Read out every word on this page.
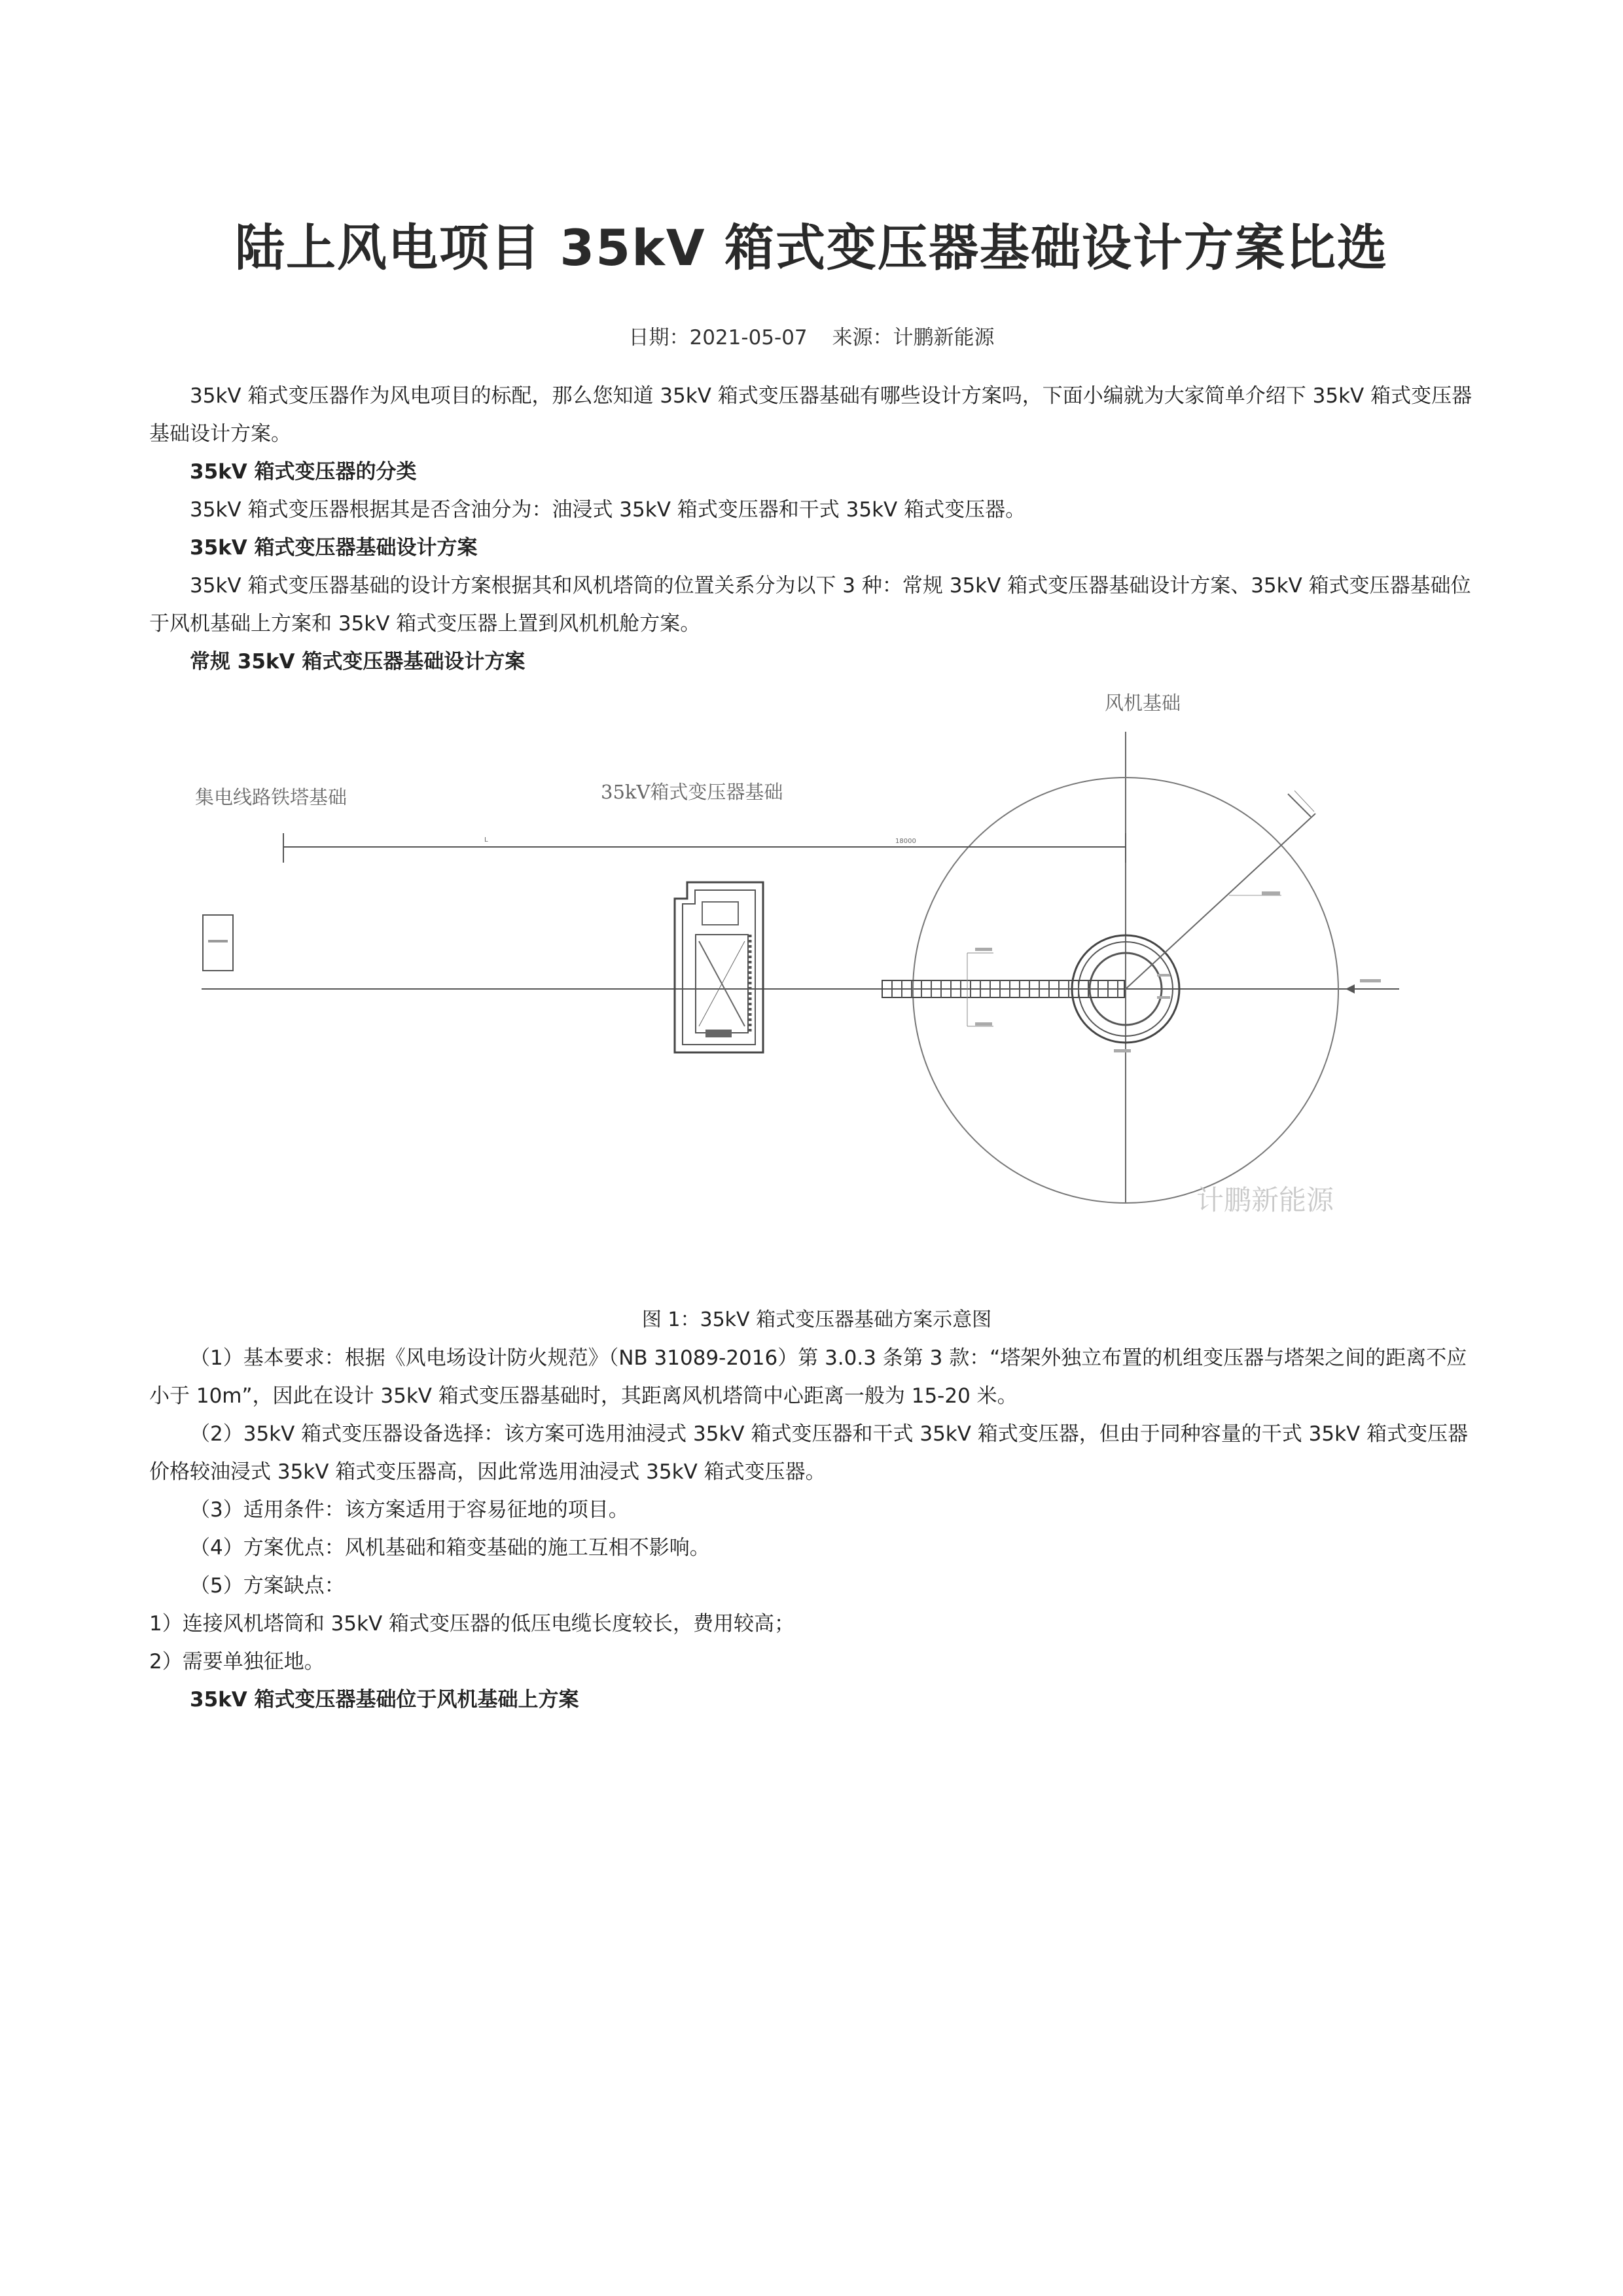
陆上风电项目 35kV 箱式变压器基础设计方案比选
日期：2021-05-07 来源：计鹏新能源

35kV 箱式变压器作为风电项目的标配，那么您知道 35kV 箱式变压器基础有哪些设计方案吗，下面小编就为大家简单介绍下 35kV 箱式变压器基础设计方案。

35kV 箱式变压器的分类

35kV 箱式变压器根据其是否含油分为：油浸式 35kV 箱式变压器和干式 35kV 箱式变压器。

35kV 箱式变压器基础设计方案

35kV 箱式变压器基础的设计方案根据其和风机塔筒的位置关系分为以下 3 种：常规 35kV 箱式变压器基础设计方案、35kV 箱式变压器基础位于风机基础上方案和 35kV 箱式变压器上置到风机机舱方案。

常规 35kV 箱式变压器基础设计方案

L	18000
风机基础
集电线路铁塔基础	35kV箱式变压器基础
计鹏新能源

图 1：35kV 箱式变压器基础方案示意图

（1）基本要求：根据《风电场设计防火规范》（NB 31089-2016）第 3.0.3 条第 3 款：“塔架外独立布置的机组变压器与塔架之间的距离不应小于 10m”，因此在设计 35kV 箱式变压器基础时，其距离风机塔筒中心距离一般为 15-20 米。

（2）35kV 箱式变压器设备选择：该方案可选用油浸式 35kV 箱式变压器和干式 35kV 箱式变压器，但由于同种容量的干式 35kV 箱式变压器价格较油浸式 35kV 箱式变压器高，因此常选用油浸式 35kV 箱式变压器。

（3）适用条件：该方案适用于容易征地的项目。

（4）方案优点：风机基础和箱变基础的施工互相不影响。

（5）方案缺点：

1）连接风机塔筒和 35kV 箱式变压器的低压电缆长度较长，费用较高；

2）需要单独征地。

35kV 箱式变压器基础位于风机基础上方案
